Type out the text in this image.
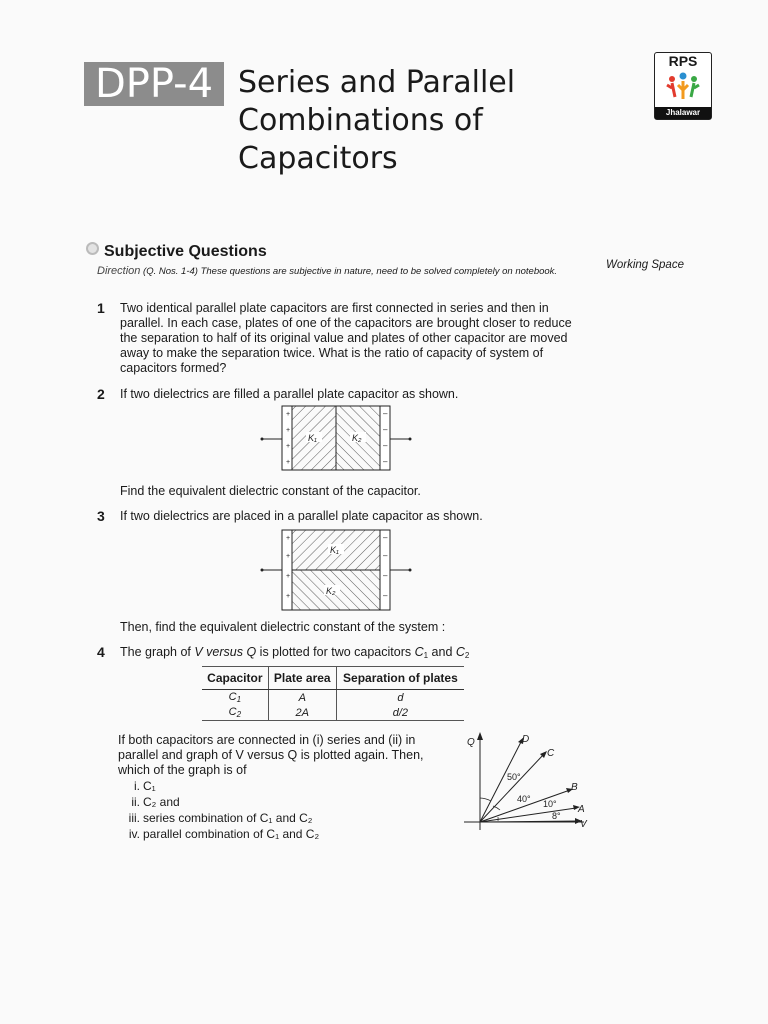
DPP-4 Series and Parallel
Combinations of
Capacitors
RPS
Jhalawar
Subjective Questions
Working Space
Direction (Q. Nos. 1-4) These questions are subjective in nature, need to be solved completely on notebook.
1 Two identical parallel plate capacitors are first connected in series and then in parallel. In each case, plates of one of the capacitors are brought closer to reduce the separation to half of its original value and plates of other capacitor are moved away to make the separation twice. What is the ratio of capacity of system of capacitors formed?
2 If two dielectrics are filled a parallel plate capacitor as shown.
+
+
+
+
–
–
–
–
K₁	K₂
Find the equivalent dielectric constant of the capacitor.
3 If two dielectrics are placed in a parallel plate capacitor as shown.
+
+
+
+
–
–
–
–
K₁
K₂
Then, find the equivalent dielectric constant of the system :
4 The graph of V versus Q is plotted for two capacitors $C_1$ and $C_2$
Capacitor	Plate area	Separation of plates
$C_1$	A	d
$C_2$	2A	d/2
If both capacitors are connected in (i) series and (ii) in
parallel and graph of V versus Q is plotted again. Then,
which of the graph is of
i. C₁
ii. C₂ and
iii. series combination of C₁ and C₂
iv. parallel combination of C₁ and C₂
Q	D
C
B
A
V
50°
40° 10°
8°
